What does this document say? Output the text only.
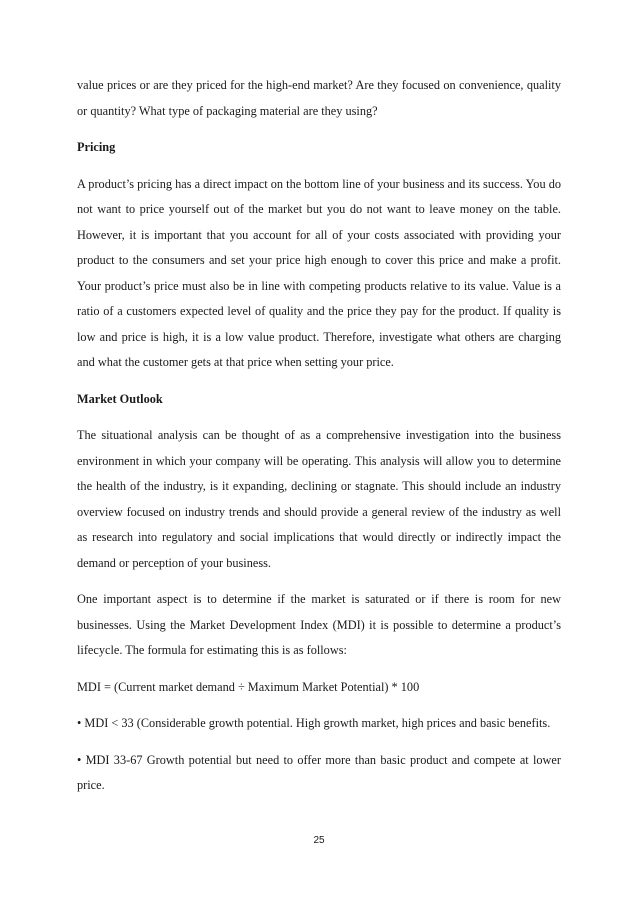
value prices or are they priced for the high-end market? Are they focused on convenience, quality or quantity? What type of packaging material are they using?

Pricing

A product’s pricing has a direct impact on the bottom line of your business and its success. You do not want to price yourself out of the market but you do not want to leave money on the table. However, it is important that you account for all of your costs associated with providing your product to the consumers and set your price high enough to cover this price and make a profit. Your product’s price must also be in line with competing products relative to its value. Value is a ratio of a customers expected level of quality and the price they pay for the product. If quality is low and price is high, it is a low value product. Therefore, investigate what others are charging and what the customer gets at that price when setting your price.

Market Outlook

The situational analysis can be thought of as a comprehensive investigation into the business environment in which your company will be operating. This analysis will allow you to determine the health of the industry, is it expanding, declining or stagnate. This should include an industry overview focused on industry trends and should provide a general review of the industry as well as research into regulatory and social implications that would directly or indirectly impact the demand or perception of your business.

One important aspect is to determine if the market is saturated or if there is room for new businesses. Using the Market Development Index (MDI) it is possible to determine a product’s lifecycle. The formula for estimating this is as follows:

MDI = (Current market demand ÷ Maximum Market Potential) * 100

• MDI < 33 (Considerable growth potential. High growth market, high prices and basic benefits.

• MDI 33-67 Growth potential but need to offer more than basic product and compete at lower price.

25
